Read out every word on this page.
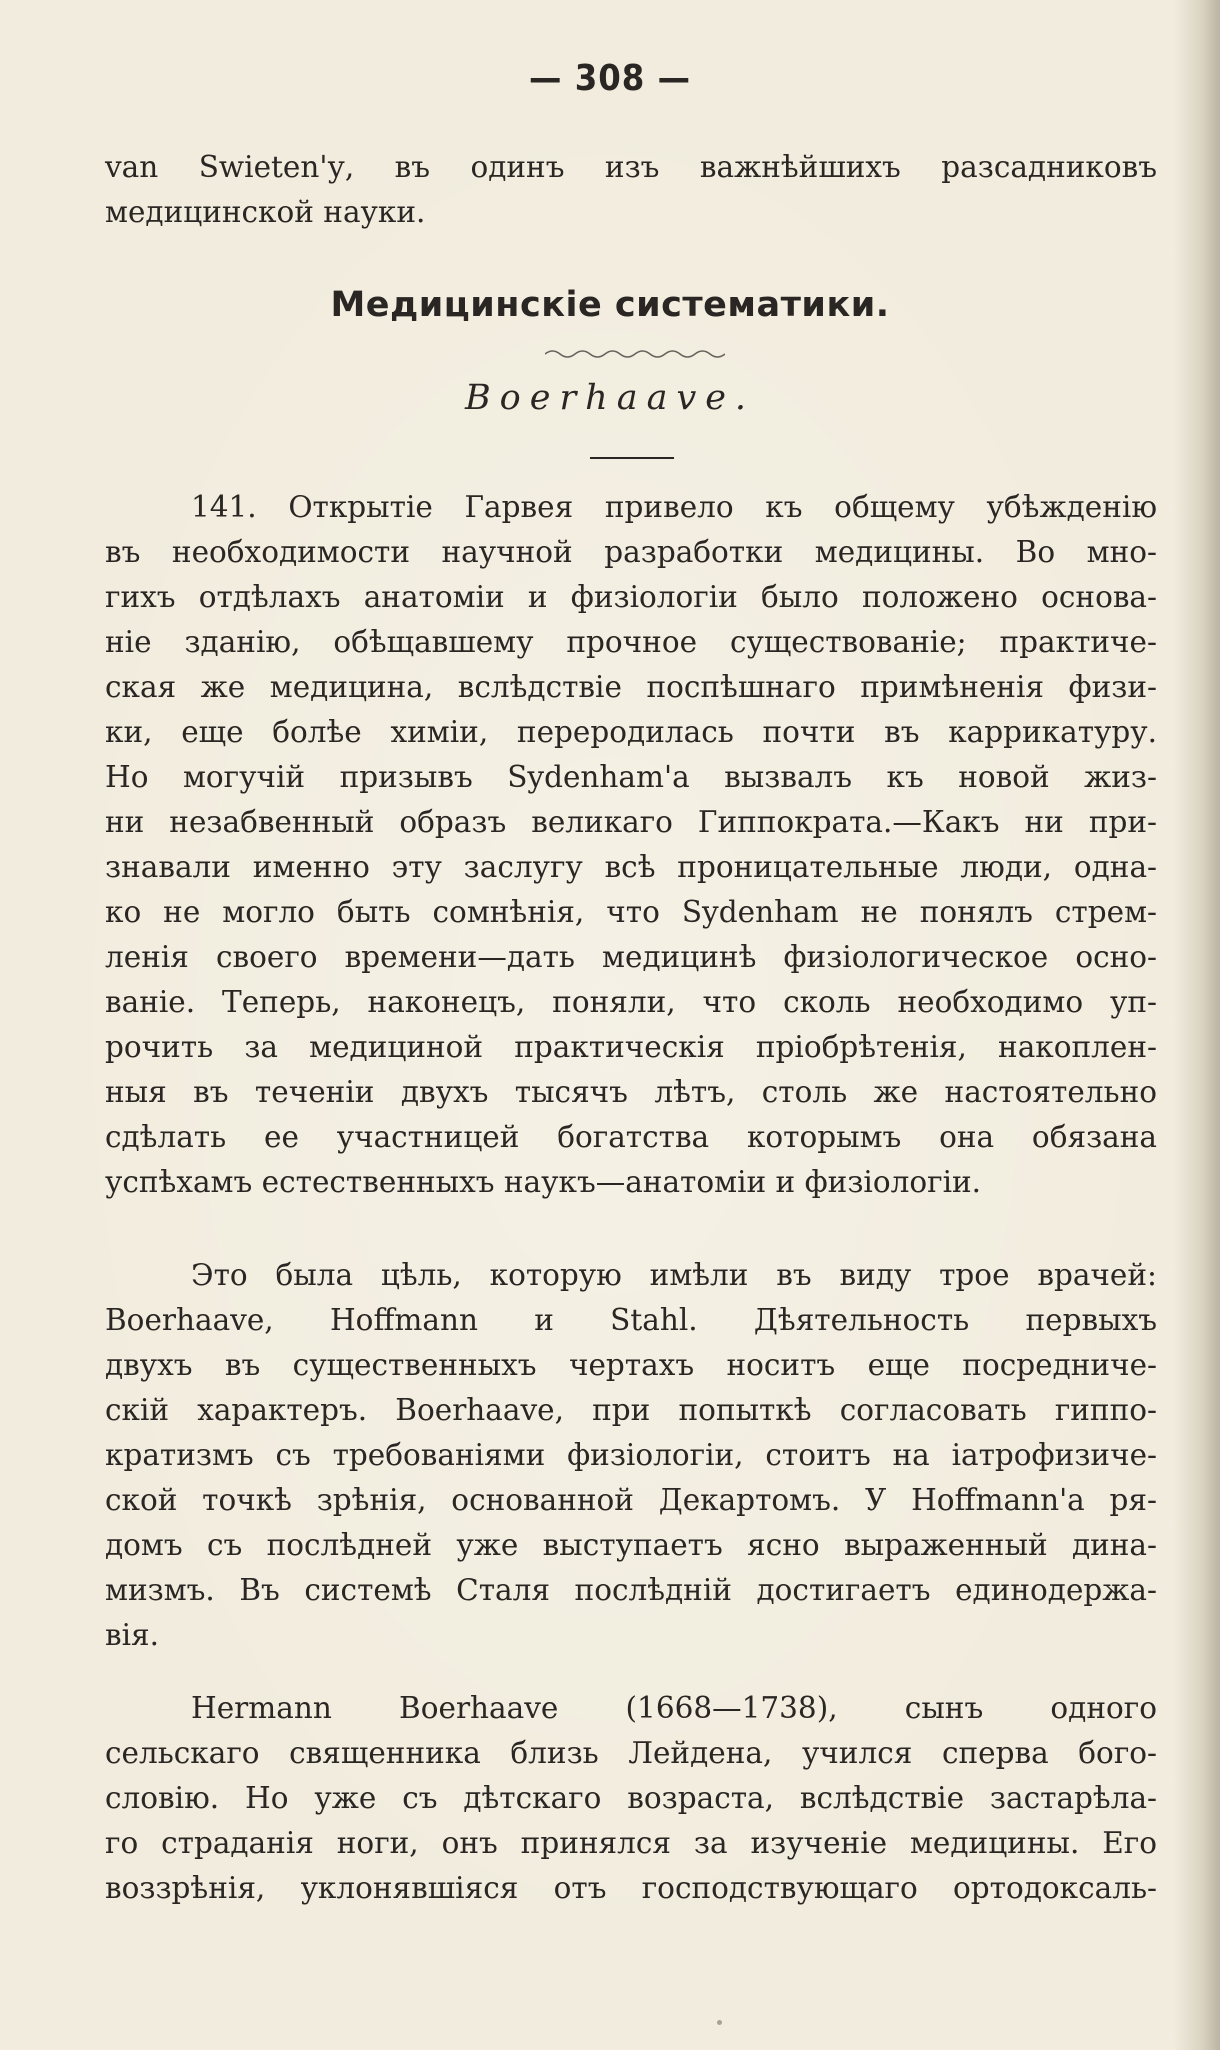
— 308 —
van Swieten'у, въ одинъ изъ важнѣйшихъ разсадниковъ
медицинской науки.
Медицинскіе систематики.
Boerhaave.
141. Открытіе Гарвея привело къ общему убѣжденію
въ необходимости научной разработки медицины. Во мно-
гихъ отдѣлахъ анатоміи и физіологіи было положено основа-
ніе зданію, обѣщавшему прочное существованіе; практиче-
ская же медицина, вслѣдствіе поспѣшнаго примѣненія физи-
ки, еще болѣе химіи, переродилась почти въ каррикатуру.
Но могучій призывъ Sydenham'а вызвалъ къ новой жиз-
ни незабвенный образъ великаго Гиппократа.—Какъ ни при-
знавали именно эту заслугу всѣ проницательные люди, одна-
ко не могло быть сомнѣнія, что Sydenham не понялъ стрем-
ленія своего времени—дать медицинѣ физіологическое осно-
ваніе. Теперь, наконецъ, поняли, что сколь необходимо уп-
рочить за медициной практическія пріобрѣтенія, накоплен-
ныя въ теченіи двухъ тысячъ лѣтъ, столь же настоятельно
сдѣлать ее участницей богатства которымъ она обязана
успѣхамъ естественныхъ наукъ—анатоміи и физіологіи.
Это была цѣль, которую имѣли въ виду трое врачей:
Boerhaave, Hoffmann и Stahl. Дѣятельность первыхъ
двухъ въ существенныхъ чертахъ носитъ еще посредниче-
скій характеръ. Boerhaave, при попыткѣ согласовать гиппо-
кратизмъ съ требованіями физіологіи, стоитъ на іатрофизиче-
ской точкѣ зрѣнія, основанной Декартомъ. У Hoffmann'а ря-
домъ съ послѣдней уже выступаетъ ясно выраженный дина-
мизмъ. Въ системѣ Сталя послѣдній достигаетъ единодержа-
вія.
Hermann Boerhaave (1668—1738), сынъ одного
сельскаго священника близь Лейдена, учился сперва бого-
словію. Но уже съ дѣтскаго возраста, вслѣдствіе застарѣла-
го страданія ноги, онъ принялся за изученіе медицины. Его
воззрѣнія, уклонявшіяся отъ господствующаго ортодоксаль-
